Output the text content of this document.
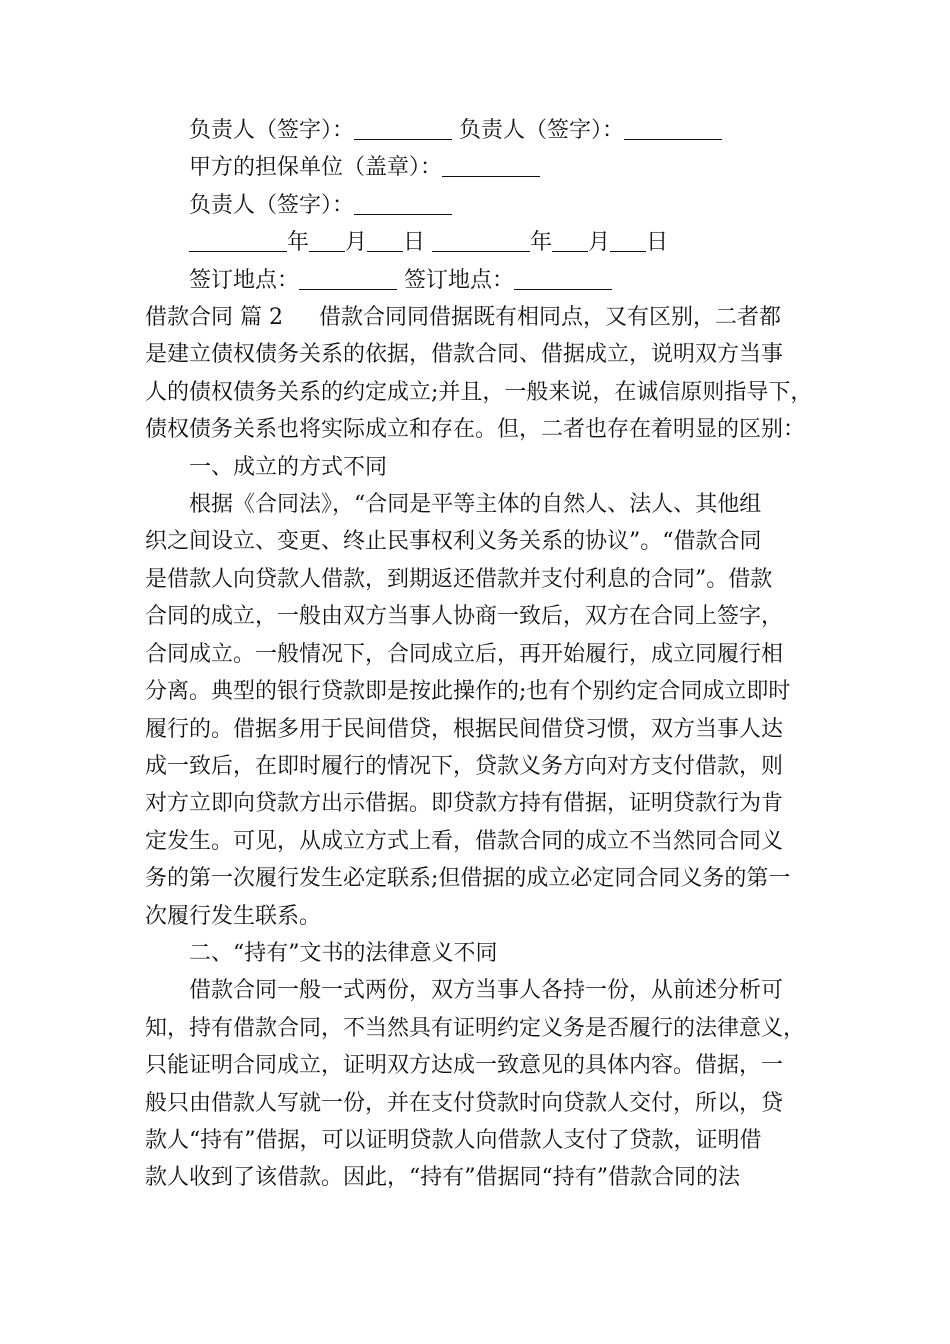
负责人（签字）：	负责人（签字）：

甲方的担保单位（盖章）：

负责人（签字）：

年 月 日	年 月 日

签订地点：	签订地点：

借款合同 篇 2 借款合同同借据既有相同点，又有区别，二者都

是建立债权债务关系的依据，借款合同、借据成立，说明双方当事

人的债权债务关系的约定成立;并且，一般来说，在诚信原则指导下，

债权债务关系也将实际成立和存在。但，二者也存在着明显的区别：

一、成立的方式不同

根据《合同法》，“合同是平等主体的自然人、法人、其他组

织之间设立、变更、终止民事权利义务关系的协议”。“借款合同

是借款人向贷款人借款，到期返还借款并支付利息的合同”。借款

合同的成立，一般由双方当事人协商一致后，双方在合同上签字，

合同成立。一般情况下，合同成立后，再开始履行，成立同履行相

分离。典型的银行贷款即是按此操作的;也有个别约定合同成立即时

履行的。借据多用于民间借贷，根据民间借贷习惯，双方当事人达

成一致后，在即时履行的情况下，贷款义务方向对方支付借款，则

对方立即向贷款方出示借据。即贷款方持有借据，证明贷款行为肯

定发生。可见，从成立方式上看，借款合同的成立不当然同合同义

务的第一次履行发生必定联系;但借据的成立必定同合同义务的第一

次履行发生联系。

二、“持有”文书的法律意义不同

借款合同一般一式两份，双方当事人各持一份，从前述分析可

知，持有借款合同，不当然具有证明约定义务是否履行的法律意义，

只能证明合同成立，证明双方达成一致意见的具体内容。借据，一

般只由借款人写就一份，并在支付贷款时向贷款人交付，所以，贷

款人“持有”借据，可以证明贷款人向借款人支付了贷款，证明借

款人收到了该借款。因此，“持有”借据同“持有”借款合同的法
